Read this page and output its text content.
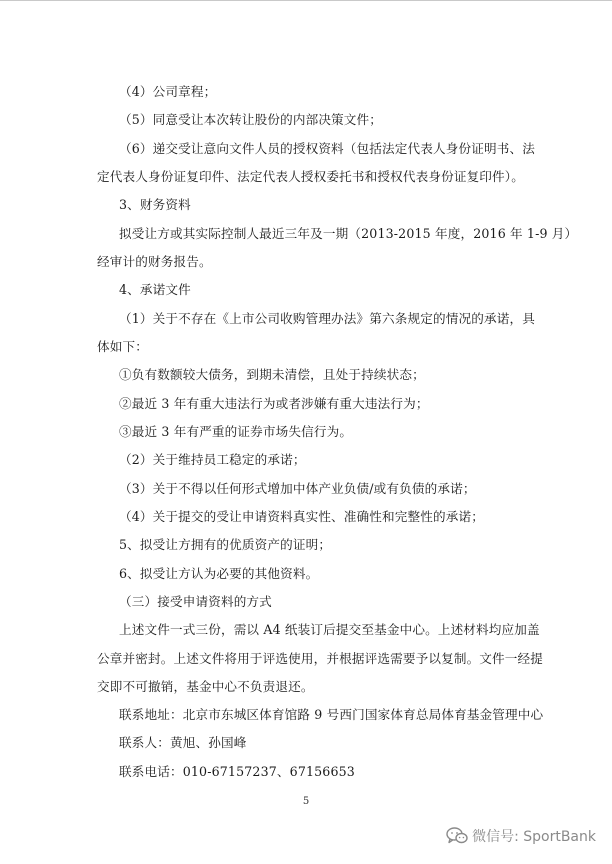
（4）公司章程；
（5）同意受让本次转让股份的内部决策文件；
（6）递交受让意向文件人员的授权资料（包括法定代表人身份证明书、法
定代表人身份证复印件、法定代表人授权委托书和授权代表身份证复印件）。
3、财务资料
拟受让方或其实际控制人最近三年及一期（2013-2015 年度，2016 年 1-9 月）
经审计的财务报告。
4、承诺文件
（1）关于不存在《上市公司收购管理办法》第六条规定的情况的承诺，具
体如下：
①负有数额较大债务，到期未清偿，且处于持续状态；
②最近 3 年有重大违法行为或者涉嫌有重大违法行为；
③最近 3 年有严重的证券市场失信行为。
（2）关于维持员工稳定的承诺；
（3）关于不得以任何形式增加中体产业负债/或有负债的承诺；
（4）关于提交的受让申请资料真实性、准确性和完整性的承诺；
5、拟受让方拥有的优质资产的证明；
6、拟受让方认为必要的其他资料。
（三）接受申请资料的方式
上述文件一式三份，需以 A4 纸装订后提交至基金中心。上述材料均应加盖
公章并密封。上述文件将用于评选使用，并根据评选需要予以复制。文件一经提
交即不可撤销，基金中心不负责退还。
联系地址：北京市东城区体育馆路 9 号西门国家体育总局体育基金管理中心
联系人：黄旭、孙国峰
联系电话：010-67157237、67156653
5
微信号: SportBank
